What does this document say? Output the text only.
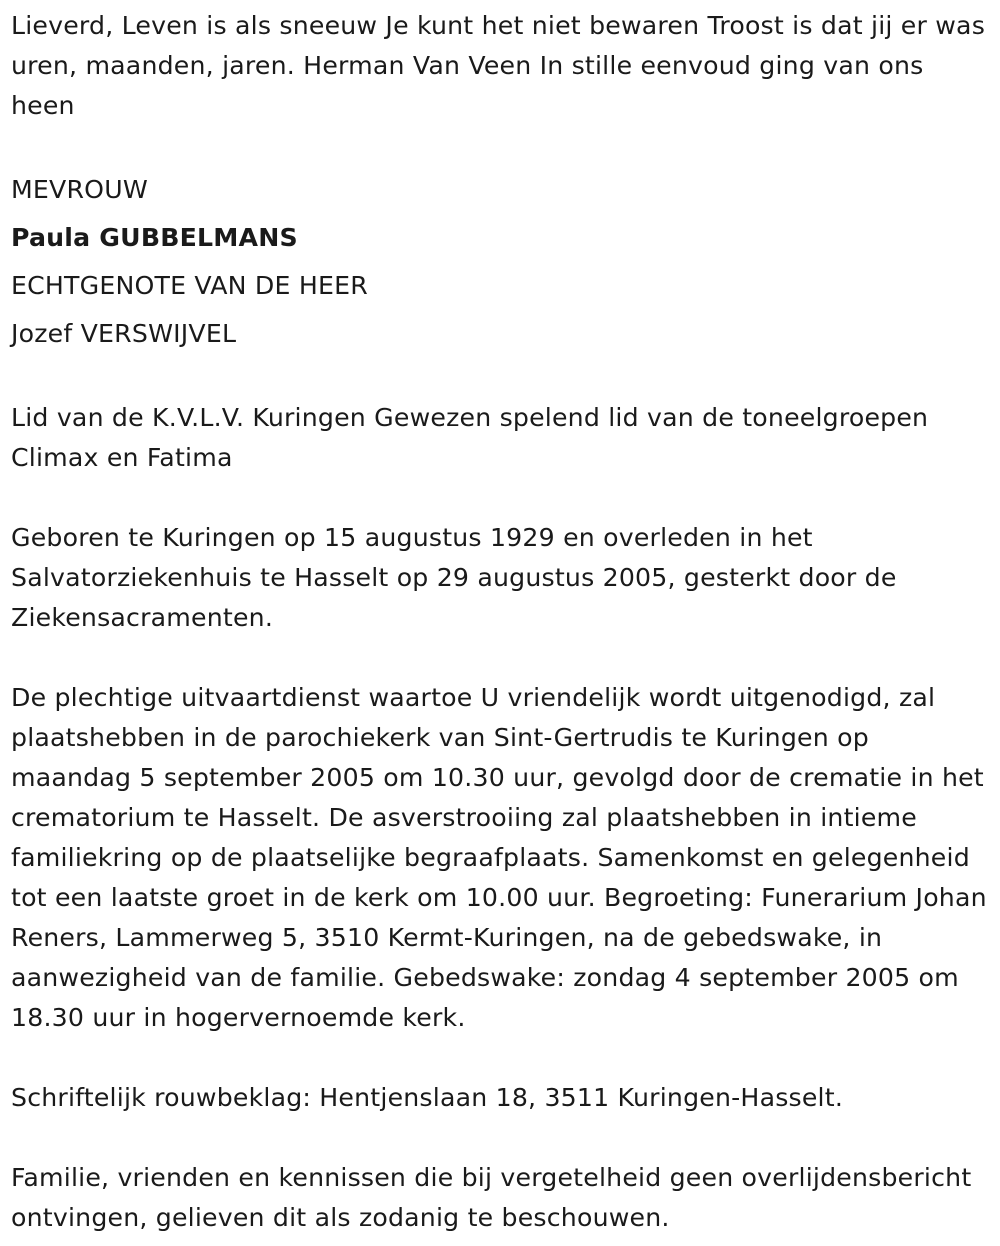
Lieverd, Leven is als sneeuw Je kunt het niet bewaren Troost is dat jij er was uren, maanden, jaren. Herman Van Veen In stille eenvoud ging van ons heen

MEVROUW

Paula GUBBELMANS

ECHTGENOTE VAN DE HEER

Jozef VERSWIJVEL

Lid van de K.V.L.V. Kuringen Gewezen spelend lid van de toneelgroepen Climax en Fatima

Geboren te Kuringen op 15 augustus 1929 en overleden in het Salvatorziekenhuis te Hasselt op 29 augustus 2005, gesterkt door de Ziekensacramenten.

De plechtige uitvaartdienst waartoe U vriendelijk wordt uitgenodigd, zal plaatshebben in de parochiekerk van Sint-Gertrudis te Kuringen op maandag 5 september 2005 om 10.30 uur, gevolgd door de crematie in het crematorium te Hasselt. De asverstrooiing zal plaatshebben in intieme familiekring op de plaatselijke begraafplaats. Samenkomst en gelegenheid tot een laatste groet in de kerk om 10.00 uur. Begroeting: Funerarium Johan Reners, Lammerweg 5, 3510 Kermt-Kuringen, na de gebedswake, in aanwezigheid van de familie. Gebedswake: zondag 4 september 2005 om 18.30 uur in hogervernoemde kerk.

Schriftelijk rouwbeklag: Hentjenslaan 18, 3511 Kuringen-Hasselt.

Familie, vrienden en kennissen die bij vergetelheid geen overlijdensbericht ontvingen, gelieven dit als zodanig te beschouwen.
